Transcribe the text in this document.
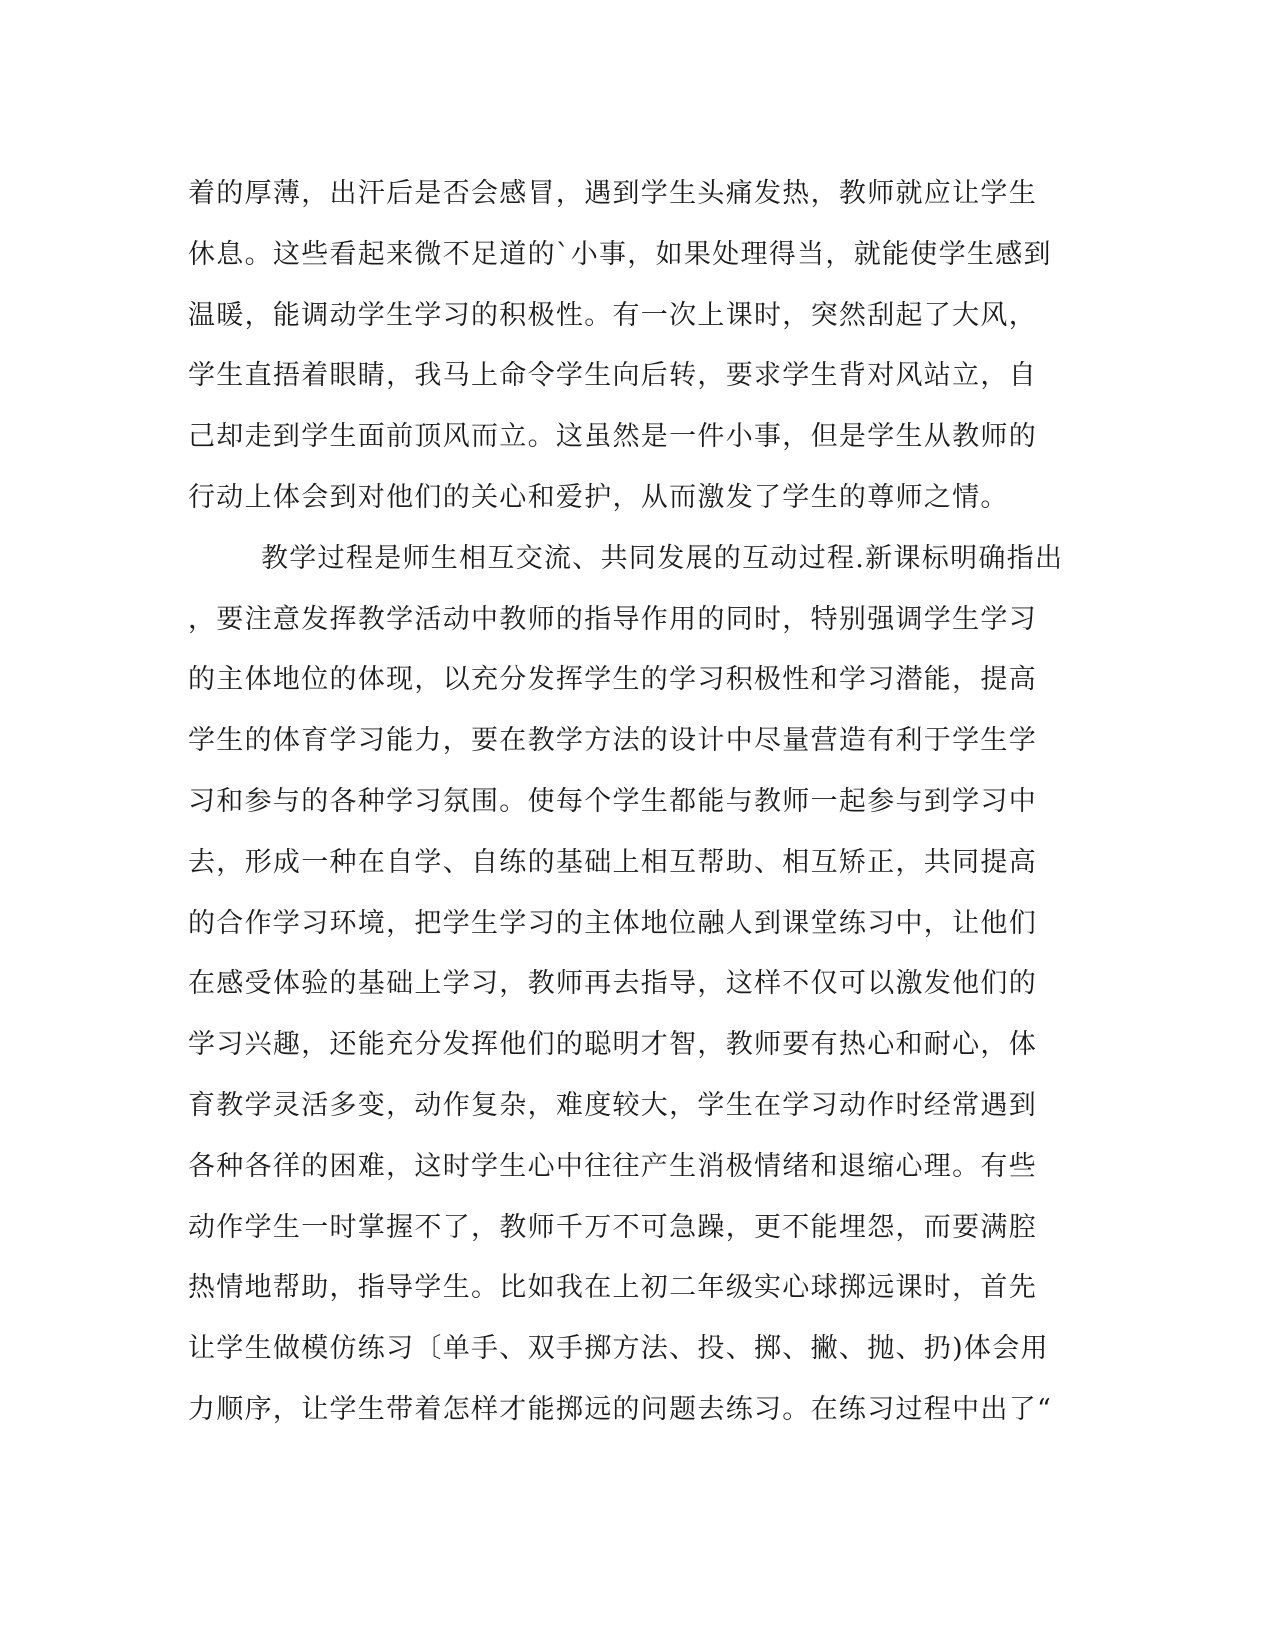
着的厚薄，出汗后是否会感冒，遇到学生头痛发热，教师就应让学生
休息。这些看起来微不足道的`小事，如果处理得当，就能使学生感到
温暖，能调动学生学习的积极性。有一次上课时，突然刮起了大风，
学生直捂着眼睛，我马上命令学生向后转，要求学生背对风站立，自
己却走到学生面前顶风而立。这虽然是一件小事，但是学生从教师的
行动上体会到对他们的关心和爱护，从而激发了学生的尊师之情。
教学过程是师生相互交流、共同发展的互动过程.新课标明确指出
，要注意发挥教学活动中教师的指导作用的同时，特别强调学生学习
的主体地位的体现，以充分发挥学生的学习积极性和学习潜能，提高
学生的体育学习能力，要在教学方法的设计中尽量营造有利于学生学
习和参与的各种学习氛围。使每个学生都能与教师一起参与到学习中
去，形成一种在自学、自练的基础上相互帮助、相互矫正，共同提高
的合作学习环境，把学生学习的主体地位融人到课堂练习中，让他们
在感受体验的基础上学习，教师再去指导，这样不仅可以激发他们的
学习兴趣，还能充分发挥他们的聪明才智，教师要有热心和耐心，体
育教学灵活多变，动作复杂，难度较大，学生在学习动作时经常遇到
各种各徉的困难，这时学生心中往往产生消极情绪和退缩心理。有些
动作学生一时掌握不了，教师千万不可急躁，更不能埋怨，而要满腔
热情地帮助，指导学生。比如我在上初二年级实心球掷远课时，首先
让学生做模仿练习〔单手、双手掷方法、投、掷、撇、抛、扔)体会用
力顺序，让学生带着怎样才能掷远的问题去练习。在练习过程中出了“
